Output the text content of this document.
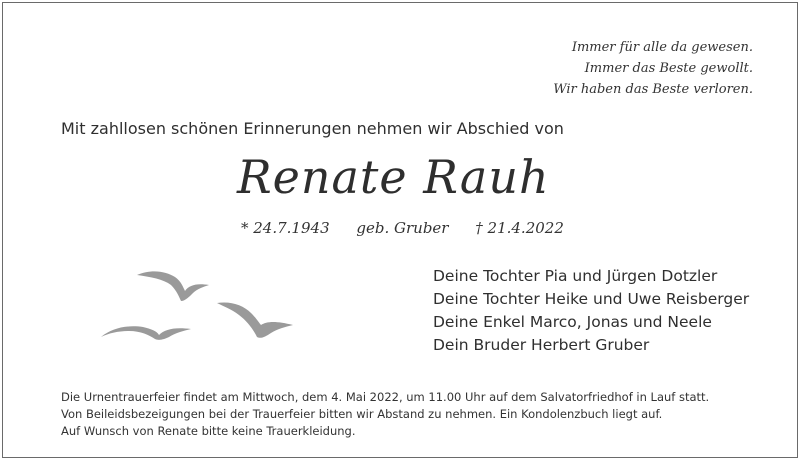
Immer für alle da gewesen.
Immer das Beste gewollt.
Wir haben das Beste verloren.
Mit zahllosen schönen Erinnerungen nehmen wir Abschied von
Renate Rauh
* 24.7.1943 geb. Gruber † 21.4.2022
Deine Tochter Pia und Jürgen Dotzler
Deine Tochter Heike und Uwe Reisberger
Deine Enkel Marco, Jonas und Neele
Dein Bruder Herbert Gruber
Die Urnentrauerfeier findet am Mittwoch, dem 4. Mai 2022, um 11.00 Uhr auf dem Salvatorfriedhof in Lauf statt.
Von Beileidsbezeigungen bei der Trauerfeier bitten wir Abstand zu nehmen. Ein Kondolenzbuch liegt auf.
Auf Wunsch von Renate bitte keine Trauerkleidung.
